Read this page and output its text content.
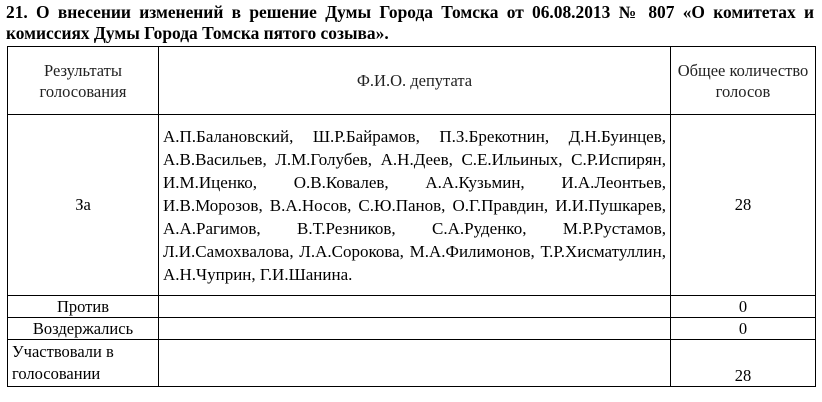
21. О внесении изменений в решение Думы Города Томска от 06.08.2013 № 807 «О комитетах и комиссиях Думы Города Томска пятого созыва».
Результаты голосования	Ф.И.О. депутата	Общее количество голосов
За	А.П.Балановский, Ш.Р.Байрамов, П.З.Брекотнин, Д.Н.Буинцев, А.В.Васильев, Л.М.Голубев, А.Н.Деев, С.Е.Ильиных, С.Р.Испирян, И.М.Иценко, О.В.Ковалев, А.А.Кузьмин, И.А.Леонтьев, И.В.Морозов, В.А.Носов, С.Ю.Панов, О.Г.Правдин, И.И.Пушкарев, А.А.Рагимов, В.Т.Резников, С.А.Руденко, М.Р.Рустамов, Л.И.Самохвалова, Л.А.Сорокова, М.А.Филимонов, Т.Р.Хисматуллин, А.Н.Чуприн, Г.И.Шанина.	28
Против		0
Воздержались		0
Участвовали в голосовании		28
